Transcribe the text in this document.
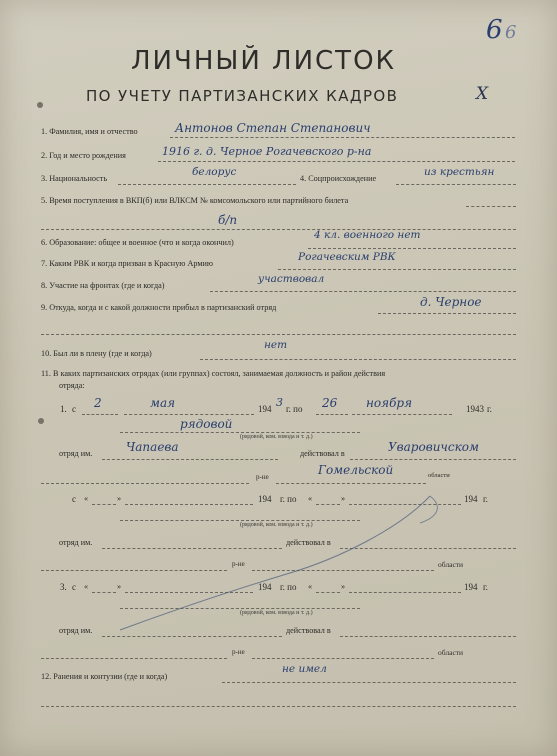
6 6
ЛИЧНЫЙ ЛИСТОК
ПО УЧЕТУ ПАРТИЗАНСКИХ КАДРОВ	Х
1. Фамилия, имя и отчество	Антонов Степан Степанович
2. Год и место рождения	1916 г. д. Черное Рогачевского р-на
3. Национальность
белорус
4. Соцпроисхождение
из крестьян
5. Время поступления в ВКП(б) или ВЛКСМ № комсомольского или партийного билета
б/п
6. Образование: общее и военное (что и когда окончил)
4 кл. военного нет
7. Каким РВК и когда призван в Красную Армию
Рогачевским РВК
8. Участие на фронтах (где и когда)
участвовал
9. Откуда, когда и с какой должности прибыл в партизанский отряд	д. Черное
10. Был ли в плену (где и когда)
нет
11. В каких партизанских отрядах (или группах) состоял, занимаемая должность и район действия
отряда:
1. с 2	мая	194 3 г. по 26 ноября	1943 г.
рядовой
(рядовой, ком. взвода и т. д.)
отряд им.	Чапаева	действовал в	Уваровичском
р-не	Гомельской	области
с «	»	194 г. по «	»	194 г.
(рядовой, ком. взвода и т. д.)
отряд им.	действовал в
р-не	области
3. с «	»	194 г. по «	»	194 г.
(рядовой, ком. взвода и т. д.)
отряд им.	действовал в
р-не	области
12. Ранения и контузии (где и когда)
не имел
